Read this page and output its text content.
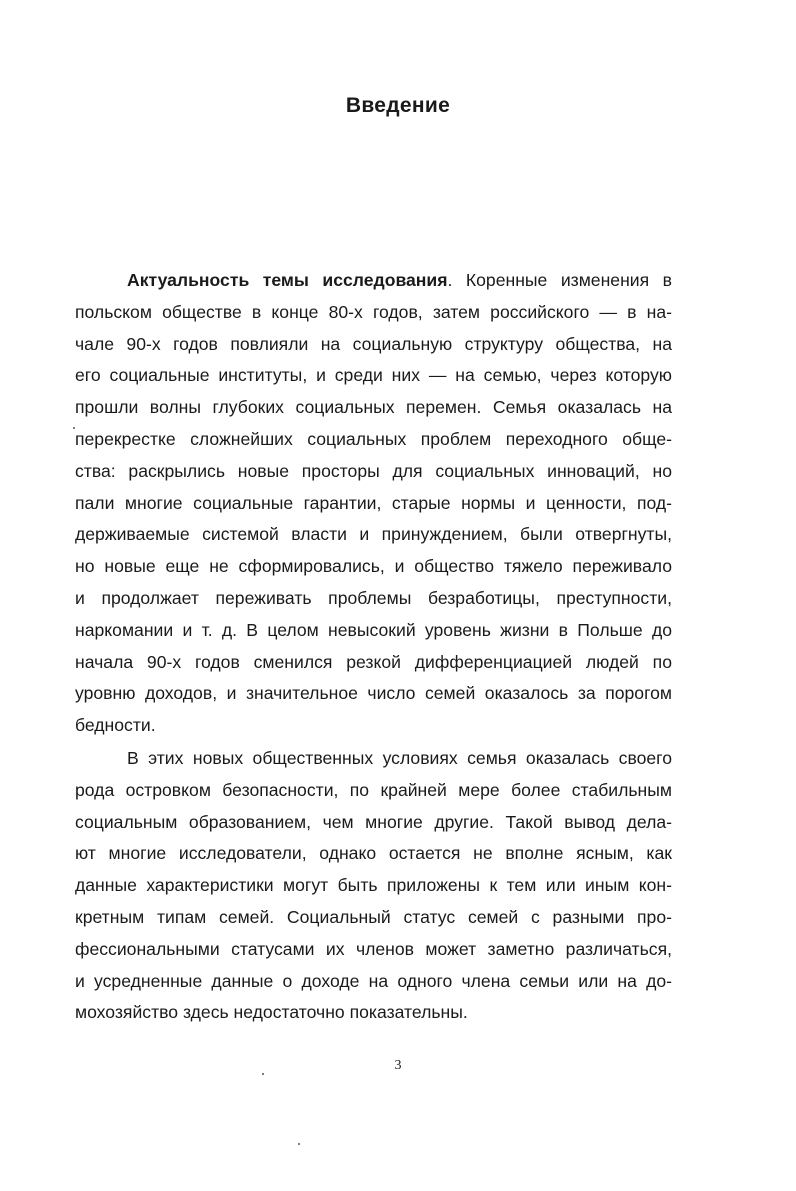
Введение
Актуальность темы исследования. Коренные изменения в
польском обществе в конце 80-х годов, затем российского — в на-
чале 90-х годов повлияли на социальную структуру общества, на
его социальные институты, и среди них — на семью, через которую
прошли волны глубоких социальных перемен. Семья оказалась на
перекрестке сложнейших социальных проблем переходного обще-
ства: раскрылись новые просторы для социальных инноваций, но
пали многие социальные гарантии, старые нормы и ценности, под-
держиваемые системой власти и принуждением, были отвергнуты,
но новые еще не сформировались, и общество тяжело переживало
и продолжает переживать проблемы безработицы, преступности,
наркомании и т. д. В целом невысокий уровень жизни в Польше до
начала 90-х годов сменился резкой дифференциацией людей по
уровню доходов, и значительное число семей оказалось за порогом
бедности.
В этих новых общественных условиях семья оказалась своего
рода островком безопасности, по крайней мере более стабильным
социальным образованием, чем многие другие. Такой вывод дела-
ют многие исследователи, однако остается не вполне ясным, как
данные характеристики могут быть приложены к тем или иным кон-
кретным типам семей. Социальный статус семей с разными про-
фессиональными статусами их членов может заметно различаться,
и усредненные данные о доходе на одного члена семьи или на до-
мохозяйство здесь недостаточно показательны.

3
